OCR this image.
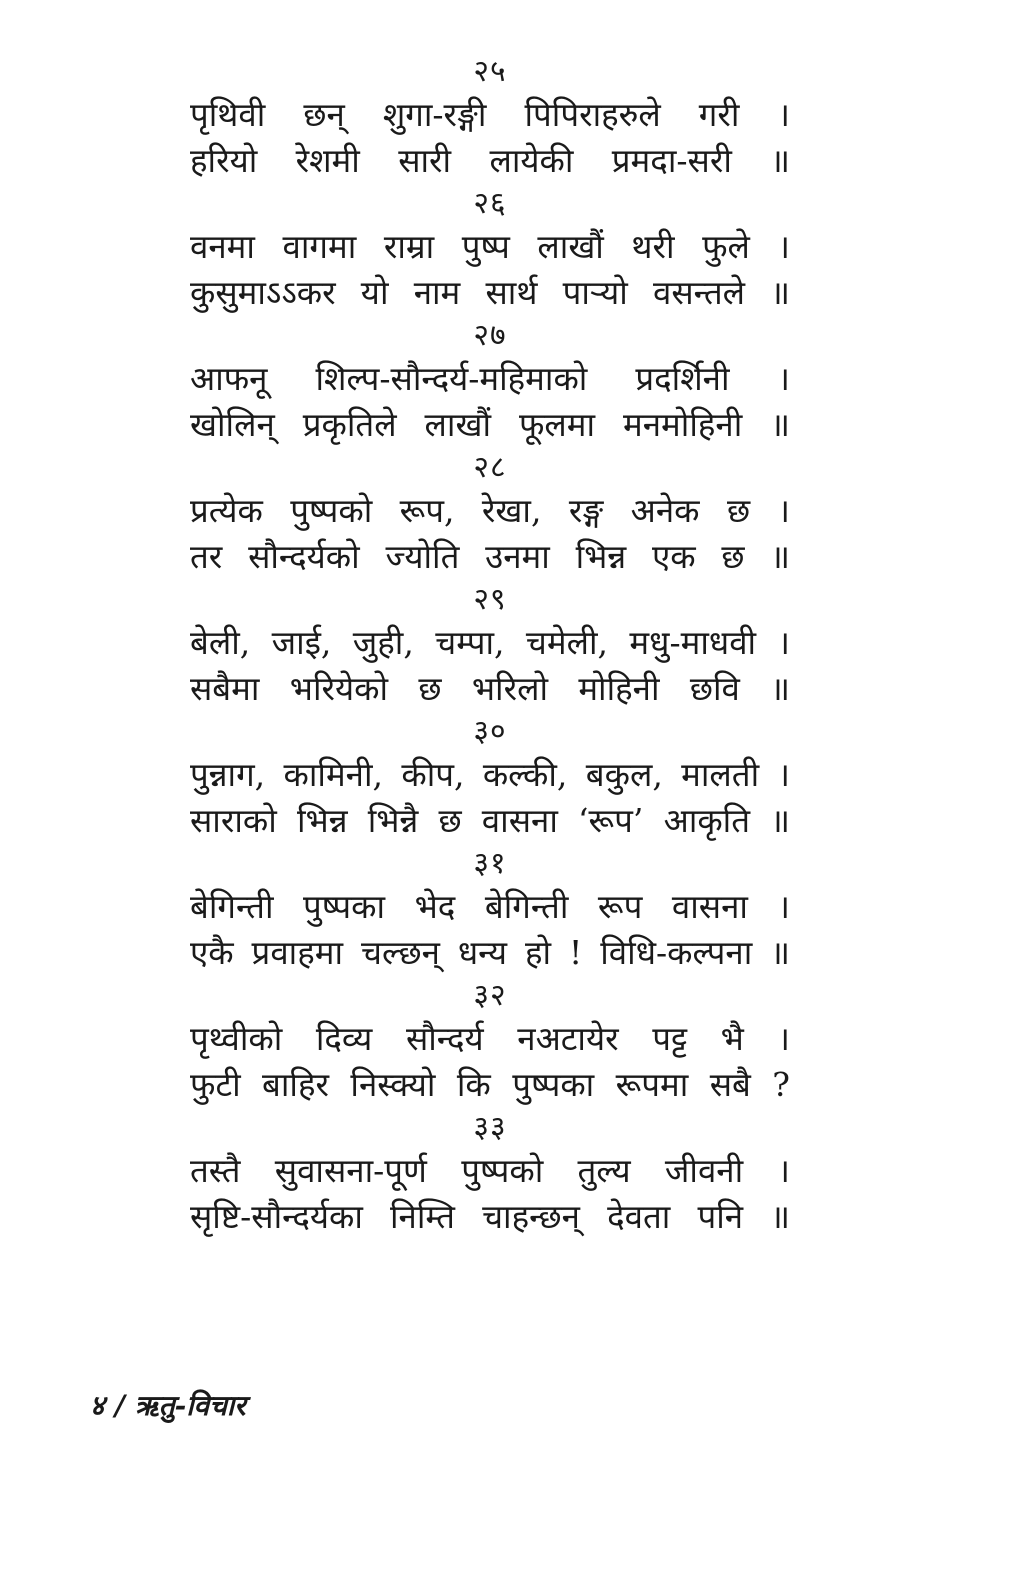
२५
पृथिवी छन् शुगा-रङ्गी पिपिराहरुले गरी ।
हरियो रेशमी सारी लायेकी प्रमदा-सरी ॥
२६
वनमा वागमा राम्रा पुष्प लाखौं थरी फुले ।
कुसुमाऽऽकर यो नाम सार्थ पाऱ्यो वसन्तले ॥
२७
आफनू शिल्प-सौन्दर्य-महिमाको प्रदर्शिनी ।
खोलिन् प्रकृतिले लाखौं फूलमा मनमोहिनी ॥
२८
प्रत्येक पुष्पको रूप, रेखा, रङ्ग अनेक छ ।
तर सौन्दर्यको ज्योति उनमा भिन्न एक छ ॥
२९
बेली, जाई, जुही, चम्पा, चमेली, मधु-माधवी ।
सबैमा भरियेको छ भरिलो मोहिनी छवि ॥
३०
पुन्नाग, कामिनी, कीप, कल्की, बकुल, मालती ।
साराको भिन्न भिन्नै छ वासना ‘रूप’ आकृति ॥
३१
बेगिन्ती पुष्पका भेद बेगिन्ती रूप वासना ।
एकै प्रवाहमा चल्छन् धन्य हो ! विधि-कल्पना ॥
३२
पृथ्वीको दिव्य सौन्दर्य नअटायेर पट्ट भै ।
फुटी बाहिर निस्क्यो कि पुष्पका रूपमा सबै ?
३३
तस्तै सुवासना-पूर्ण पुष्पको तुल्य जीवनी ।
सृष्टि-सौन्दर्यका निम्ति चाहन्छन् देवता पनि ॥
४ / ऋतु-विचार
